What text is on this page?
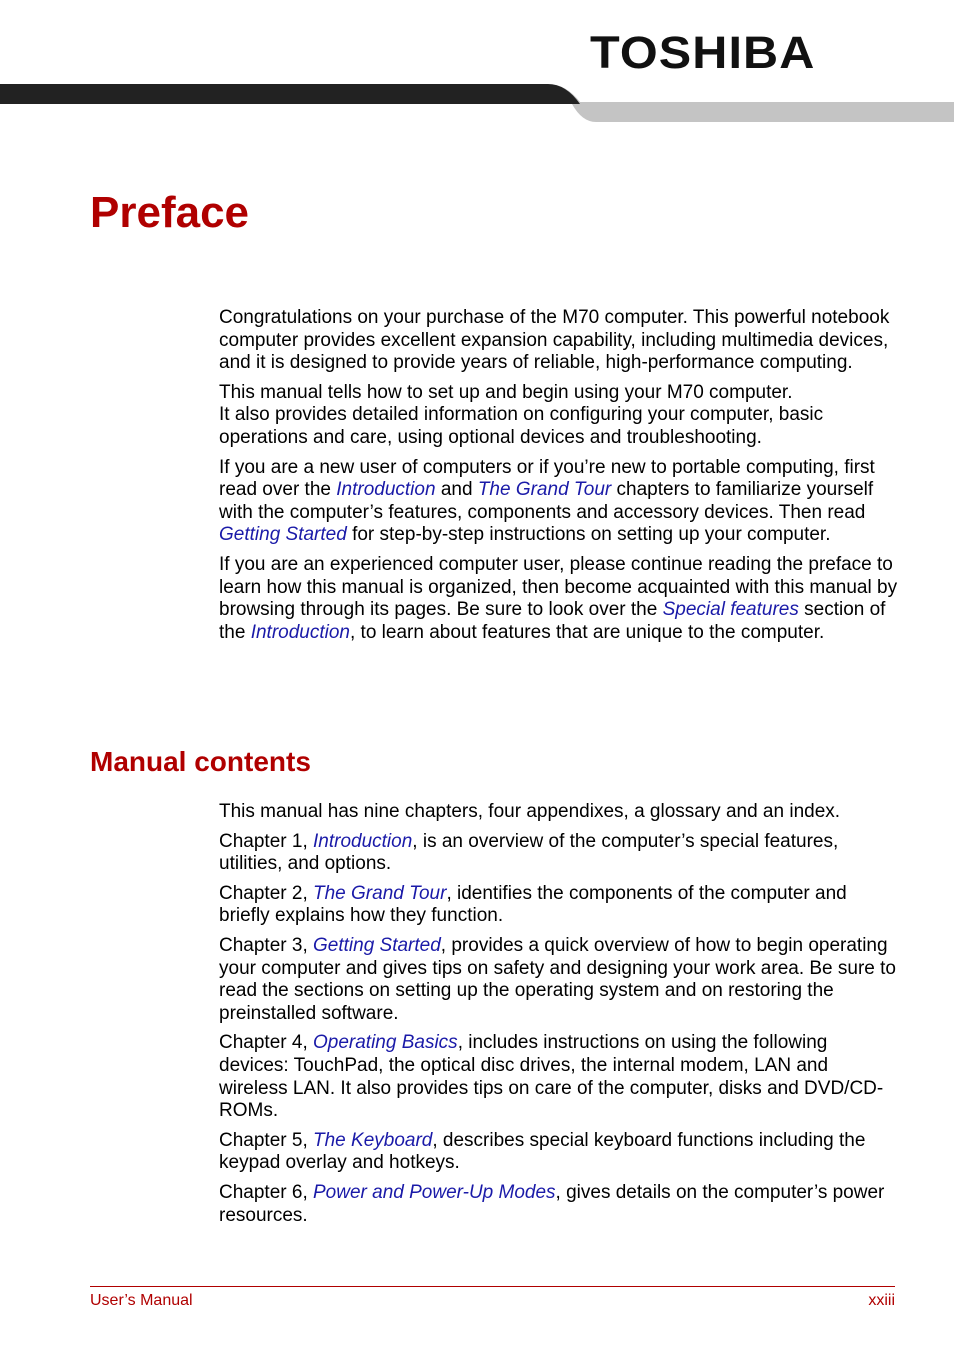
TOSHIBA
Preface

Congratulations on your purchase of the M70 computer. This powerful notebook computer provides excellent expansion capability, including multimedia devices, and it is designed to provide years of reliable, high-performance computing.

This manual tells how to set up and begin using your M70 computer.
It also provides detailed information on configuring your computer, basic operations and care, using optional devices and troubleshooting.

If you are a new user of computers or if you’re new to portable computing, first read over the Introduction and The Grand Tour chapters to familiarize yourself with the computer’s features, components and accessory devices. Then read Getting Started for step-by-step instructions on setting up your computer.

If you are an experienced computer user, please continue reading the preface to learn how this manual is organized, then become acquainted with this manual by browsing through its pages. Be sure to look over the Special features section of the Introduction, to learn about features that are unique to the computer.

Manual contents

This manual has nine chapters, four appendixes, a glossary and an index.

Chapter 1, Introduction, is an overview of the computer’s special features, utilities, and options.

Chapter 2, The Grand Tour, identifies the components of the computer and briefly explains how they function.

Chapter 3, Getting Started, provides a quick overview of how to begin operating your computer and gives tips on safety and designing your work area. Be sure to read the sections on setting up the operating system and on restoring the preinstalled software.

Chapter 4, Operating Basics, includes instructions on using the following devices: TouchPad, the optical disc drives, the internal modem, LAN and wireless LAN. It also provides tips on care of the computer, disks and DVD/CD-ROMs.

Chapter 5, The Keyboard, describes special keyboard functions including the keypad overlay and hotkeys.

Chapter 6, Power and Power-Up Modes, gives details on the computer’s power resources.

User’s Manual	xxiii
